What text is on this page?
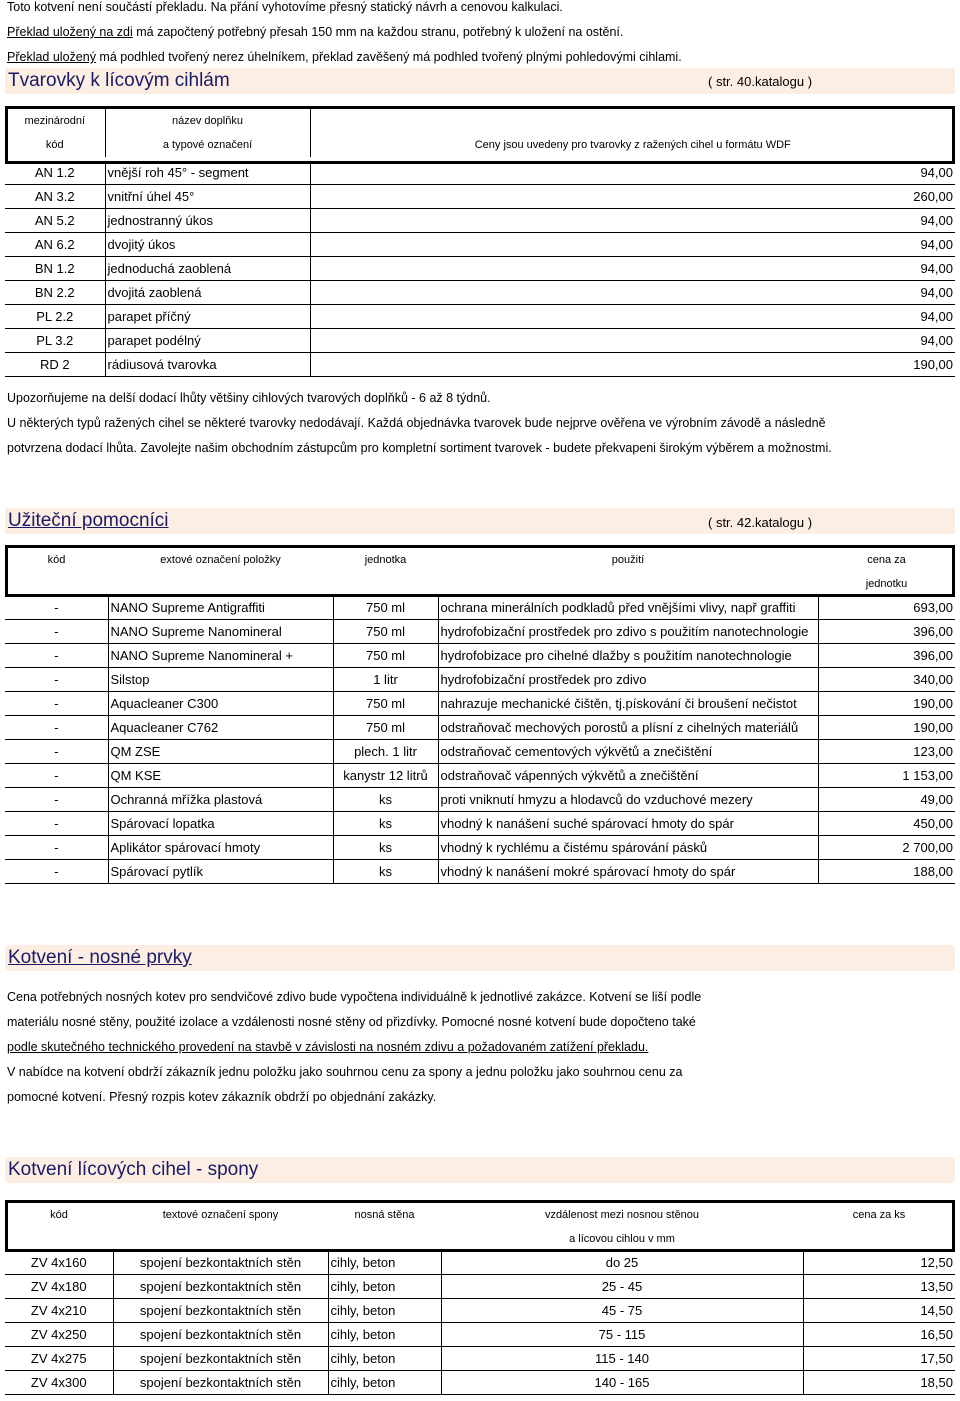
Toto kotvení není součástí překladu. Na přání vyhotovíme přesný statický návrh a cenovou kalkulaci.
Překlad uložený na zdi má započtený potřebný přesah 150 mm na každou stranu, potřebný k uložení na ostění.
Překlad uložený má podhled tvořený nerez úhelníkem, překlad zavěšený má podhled tvořený plnými pohledovými cihlami.
Tvarovky k lícovým cihlám	( str. 40.katalogu )
mezinárodní	název doplňku	
kód	a typové označení	Ceny jsou uvedeny pro tvarovky z ražených cihel u formátu WDF
AN 1.2	vnější roh 45° - segment	94,00
AN 3.2	vnitřní úhel 45°	260,00
AN 5.2	jednostranný úkos	94,00
AN 6.2	dvojitý úkos	94,00
BN 1.2	jednoduchá zaoblená	94,00
BN 2.2	dvojitá zaoblená	94,00
PL 2.2	parapet příčný	94,00
PL 3.2	parapet podélný	94,00
RD 2	rádiusová tvarovka	190,00
Upozorňujeme na delší dodací lhůty většiny cihlových tvarových doplňků - 6 až 8 týdnů.
U některých typů ražených cihel se některé tvarovky nedodávají. Každá objednávka tvarovek bude nejprve ověřena ve výrobním závodě a následně
potvrzena dodací lhůta. Zavolejte našim obchodním zástupcům pro kompletní sortiment tvarovek - budete překvapeni širokým výběrem a možnostmi.
Užiteční pomocníci	( str. 42.katalogu )
kód	extové označení položky	jednotka	použití	cena za
				jednotku
-	NANO Supreme Antigraffiti	750 ml	ochrana minerálních podkladů před vnějšími vlivy, např graffiti	693,00
-	NANO Supreme Nanomineral	750 ml	hydrofobizační prostředek pro zdivo s použitím nanotechnologie	396,00
-	NANO Supreme Nanomineral +	750 ml	hydrofobizace pro cihelné dlažby s použitím nanotechnologie	396,00
-	Silstop	1 litr	hydrofobizační prostředek pro zdivo	340,00
-	Aquacleaner C300	750 ml	nahrazuje mechanické čištěn, tj.pískování či broušení nečistot	190,00
-	Aquacleaner C762	750 ml	odstraňovač mechových porostů a plísní z cihelných materiálů	190,00
-	QM ZSE	plech. 1 litr	odstraňovač cementových výkvětů a znečištění	123,00
-	QM KSE	kanystr 12 litrů	odstraňovač vápenných výkvětů a znečištění	1 153,00
-	Ochranná mřížka plastová	ks	proti vniknutí hmyzu a hlodavců do vzduchové mezery	49,00
-	Spárovací lopatka	ks	vhodný k nanášení suché spárovací hmoty do spár	450,00
-	Aplikátor spárovací hmoty	ks	vhodný k rychlému a čistému spárování pásků	2 700,00
-	Spárovací pytlík	ks	vhodný k nanášení mokré spárovací hmoty do spár	188,00
Kotvení - nosné prvky
Cena potřebných nosných kotev pro sendvičové zdivo bude vypočtena individuálně k jednotlivé zakázce. Kotvení se liší podle
materiálu nosné stěny, použité izolace a vzdálenosti nosné stěny od přizdívky. Pomocné nosné kotvení bude dopočteno také
podle skutečného technického provedení na stavbě v závislosti na nosném zdivu a požadovaném zatížení překladu.
V nabídce na kotvení obdrží zákazník jednu položku jako souhrnou cenu za spony a jednu položku jako souhrnou cenu za
pomocné kotvení. Přesný rozpis kotev zákazník obdrží po objednání zakázky.
Kotvení lícových cihel - spony
kód	textové označení spony	nosná stěna	vzdálenost mezi nosnou stěnou	cena za ks
			a lícovou cihlou v mm	
ZV 4x160	spojení bezkontaktních stěn	cihly, beton	do 25	12,50
ZV 4x180	spojení bezkontaktních stěn	cihly, beton	25 - 45	13,50
ZV 4x210	spojení bezkontaktních stěn	cihly, beton	45 - 75	14,50
ZV 4x250	spojení bezkontaktních stěn	cihly, beton	75 - 115	16,50
ZV 4x275	spojení bezkontaktních stěn	cihly, beton	115 - 140	17,50
ZV 4x300	spojení bezkontaktních stěn	cihly, beton	140 - 165	18,50
